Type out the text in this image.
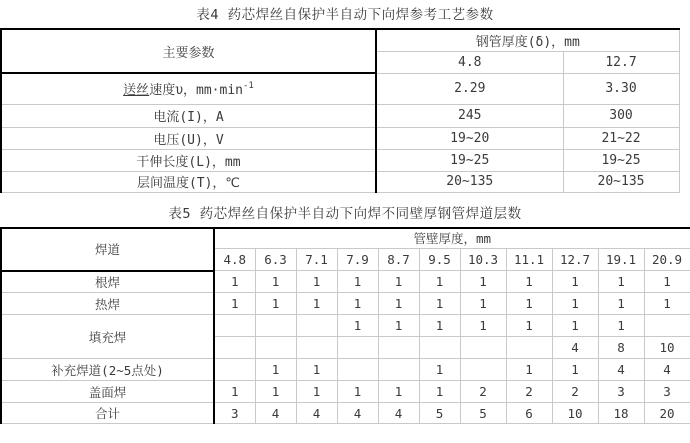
表4 药芯焊丝自保护半自动下向焊参考工艺参数
主要参数	钢管厚度(δ)，mm	
	4.8	12.7
送丝速度υ，$mm\cdot\min^{-1}$	2.29	3.30
电流(I)，A	245	300
电压(U)，V	19~20	21~22
干伸长度(L)，mm	19~25	19~25
层间温度(T)，℃	20~135	20~135
表5 药芯焊丝自保护半自动下向焊不同壁厚钢管焊道层数
焊道	管壁厚度，mm										
	4.8	6.3	7.1	7.9	8.7	9.5	10.3	11.1	12.7	19.1	20.9
根焊	1	1	1	1	1	1	1	1	1	1	1
热焊	1	1	1	1	1	1	1	1	1	1	1
填充焊				1	1	1	1	1	1	1	
									4	8	10
补充焊道(2~5点处)		1	1			1		1	1	4	4
盖面焊	1	1	1	1	1	1	2	2	2	3	3
合计	3	4	4	4	4	5	5	6	10	18	20
